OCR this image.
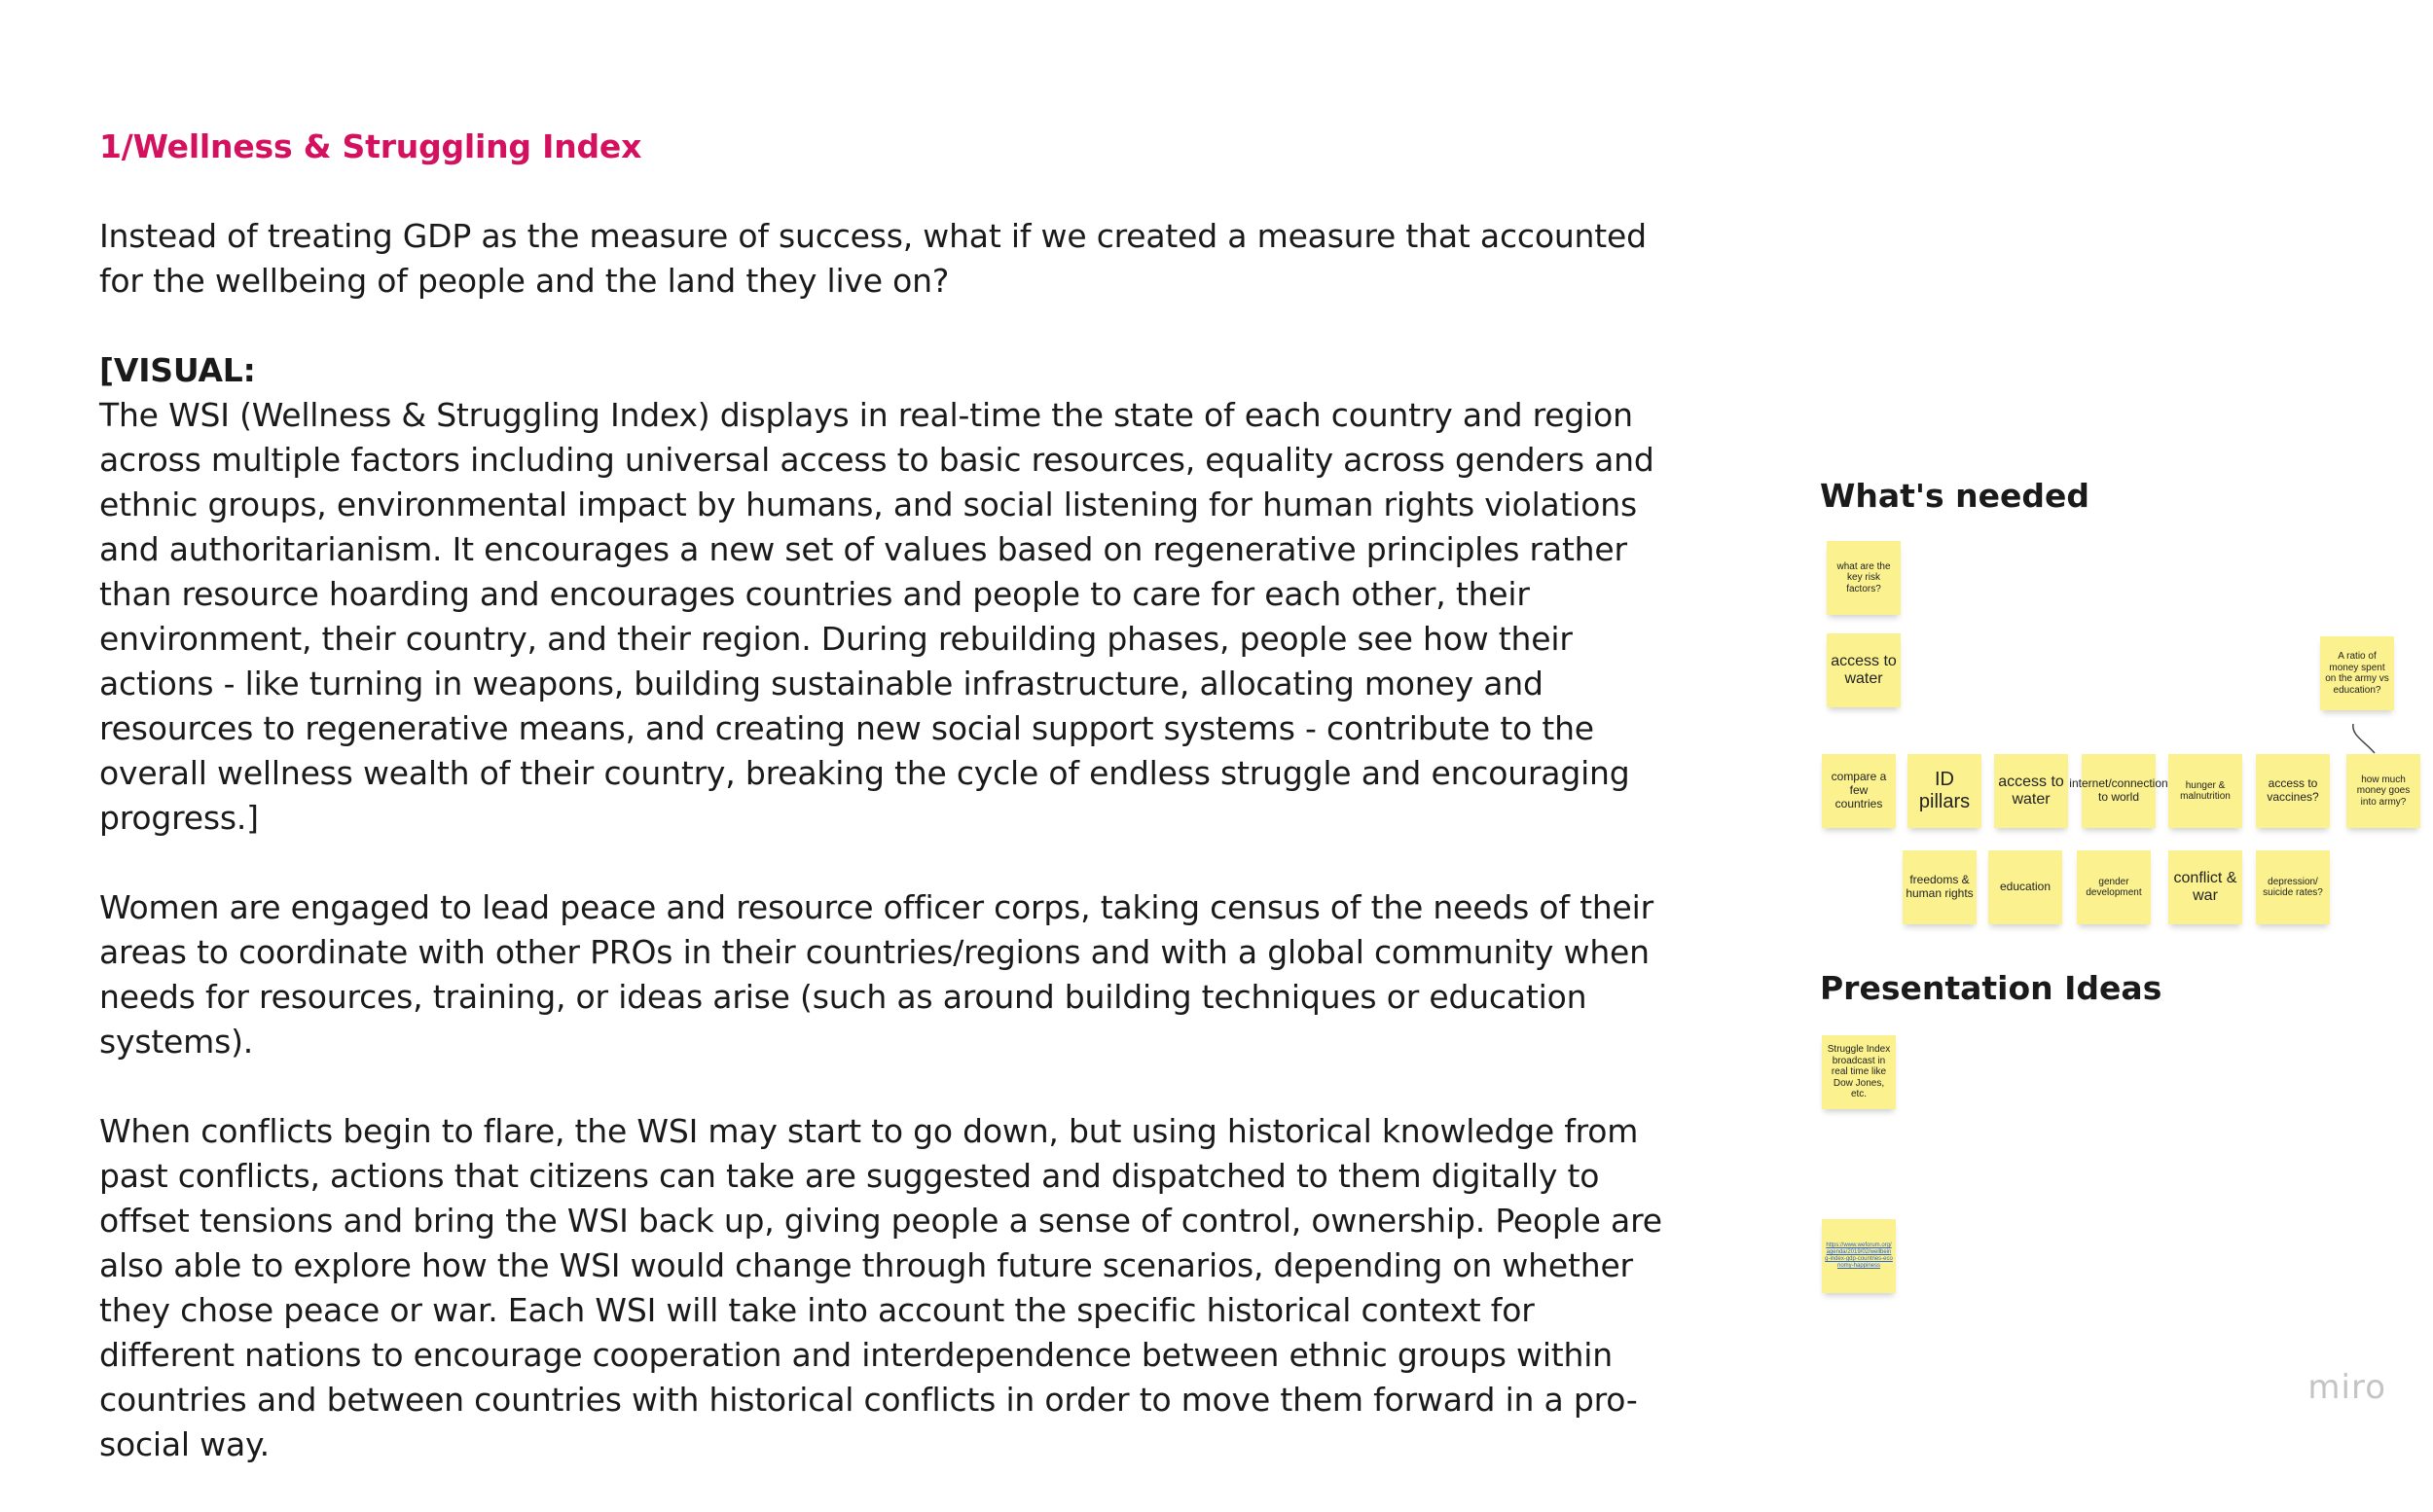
1/Wellness & Struggling Index

Instead of treating GDP as the measure of success, what if we created a measure that accounted for the wellbeing of people and the land they live on?

[VISUAL:
The WSI (Wellness & Struggling Index) displays in real-time the state of each country and region across multiple factors including universal access to basic resources, equality across genders and ethnic groups, environmental impact by humans, and social listening for human rights violations and authoritarianism. It encourages a new set of values based on regenerative principles rather than resource hoarding and encourages countries and people to care for each other, their environment, their country, and their region. During rebuilding phases, people see how their actions - like turning in weapons, building sustainable infrastructure, allocating money and resources to regenerative means, and creating new social support systems - contribute to the overall wellness wealth of their country, breaking the cycle of endless struggle and encouraging progress.]

Women are engaged to lead peace and resource officer corps, taking census of the needs of their areas to coordinate with other PROs in their countries/regions and with a global community when needs for resources, training, or ideas arise (such as around building techniques or education systems).

When conflicts begin to flare, the WSI may start to go down, but using historical knowledge from past conflicts, actions that citizens can take are suggested and dispatched to them digitally to offset tensions and bring the WSI back up, giving people a sense of control, ownership. People are also able to explore how the WSI would change through future scenarios, depending on whether they chose peace or war. Each WSI will take into account the specific historical context for different nations to encourage cooperation and interdependence between ethnic groups within countries and between countries with historical conflicts in order to move them forward in a pro-social way.

What's needed
what are the key risk factors?
access to water
A ratio of money spent on the army vs education?
compare a few countries
ID pillars
access to water
internet/connection to world
hunger & malnutrition
access to vaccines?
how much money goes into army?
freedoms & human rights	education	gender development
conflict & war
depression/ suicide rates?
Presentation Ideas
Struggle Index broadcast in real time like Dow Jones, etc.
https://www.weforum.org/agenda/2019/02/wellbeing-index-gdp-countries-economy-happiness
miro
